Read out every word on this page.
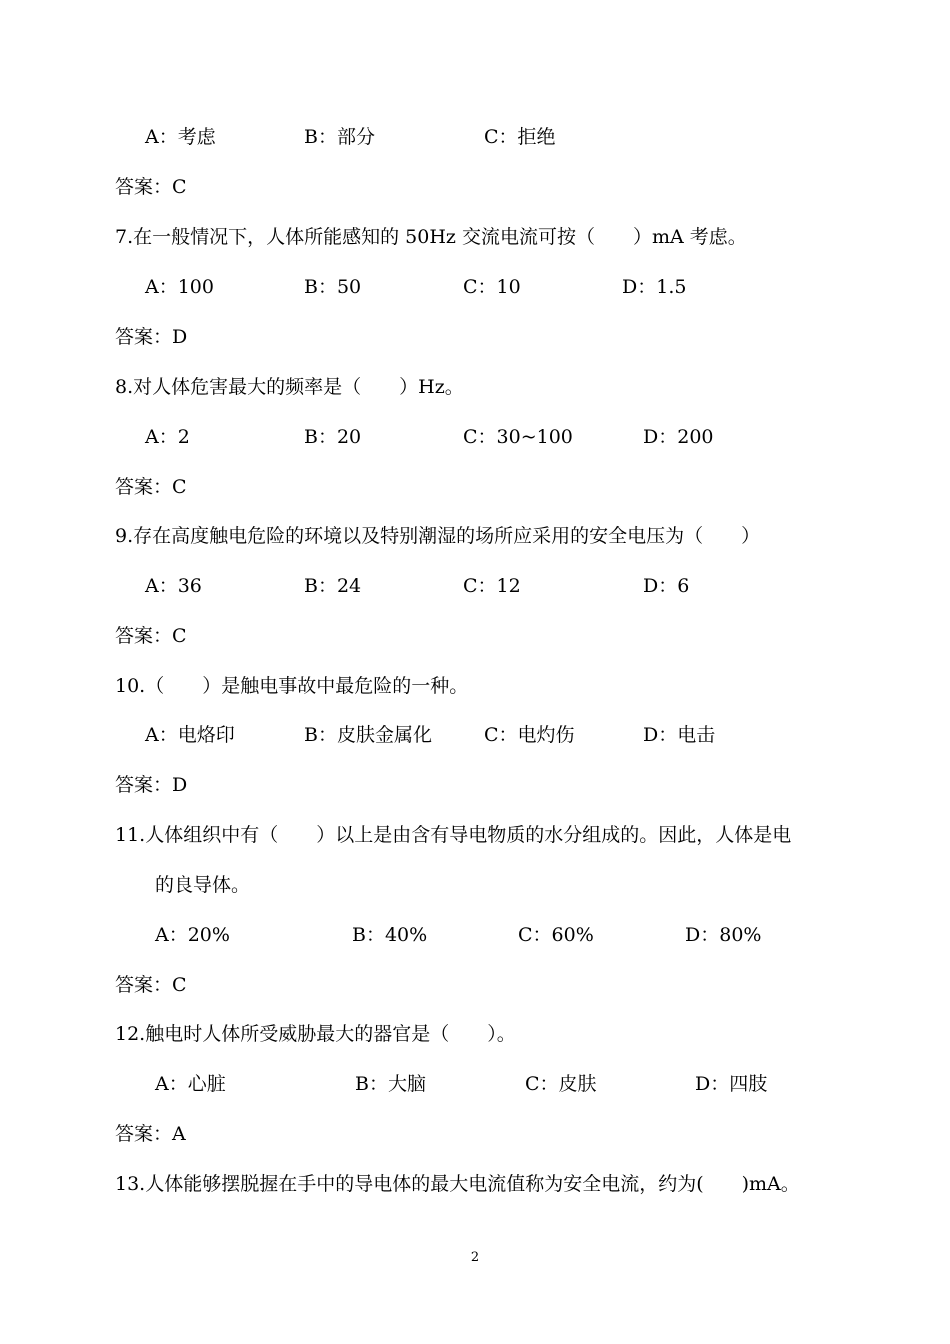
A：考虑	B：部分	C：拒绝
答案：C
7.在一般情况下，人体所能感知的 50Hz 交流电流可按（　　）mA 考虑。
A：100	B：50	C：10	D：1.5
答案：D
8.对人体危害最大的频率是（　　）Hz。
A：2	B：20	C：30~100	D：200
答案：C
9.存在高度触电危险的环境以及特别潮湿的场所应采用的安全电压为（　　）
A：36	B：24	C：12	D：6
答案：C
10.（　　）是触电事故中最危险的一种。
A：电烙印	B：皮肤金属化	C：电灼伤	D：电击
答案：D
11.人体组织中有（　　）以上是由含有导电物质的水分组成的。因此，人体是电
的良导体。
A：20%	B：40%	C：60%	D：80%
答案：C
12.触电时人体所受威胁最大的器官是（　　）。
A：心脏	B：大脑	C：皮肤	D：四肢
答案：A
13.人体能够摆脱握在手中的导电体的最大电流值称为安全电流，约为(　　)mA。
2
